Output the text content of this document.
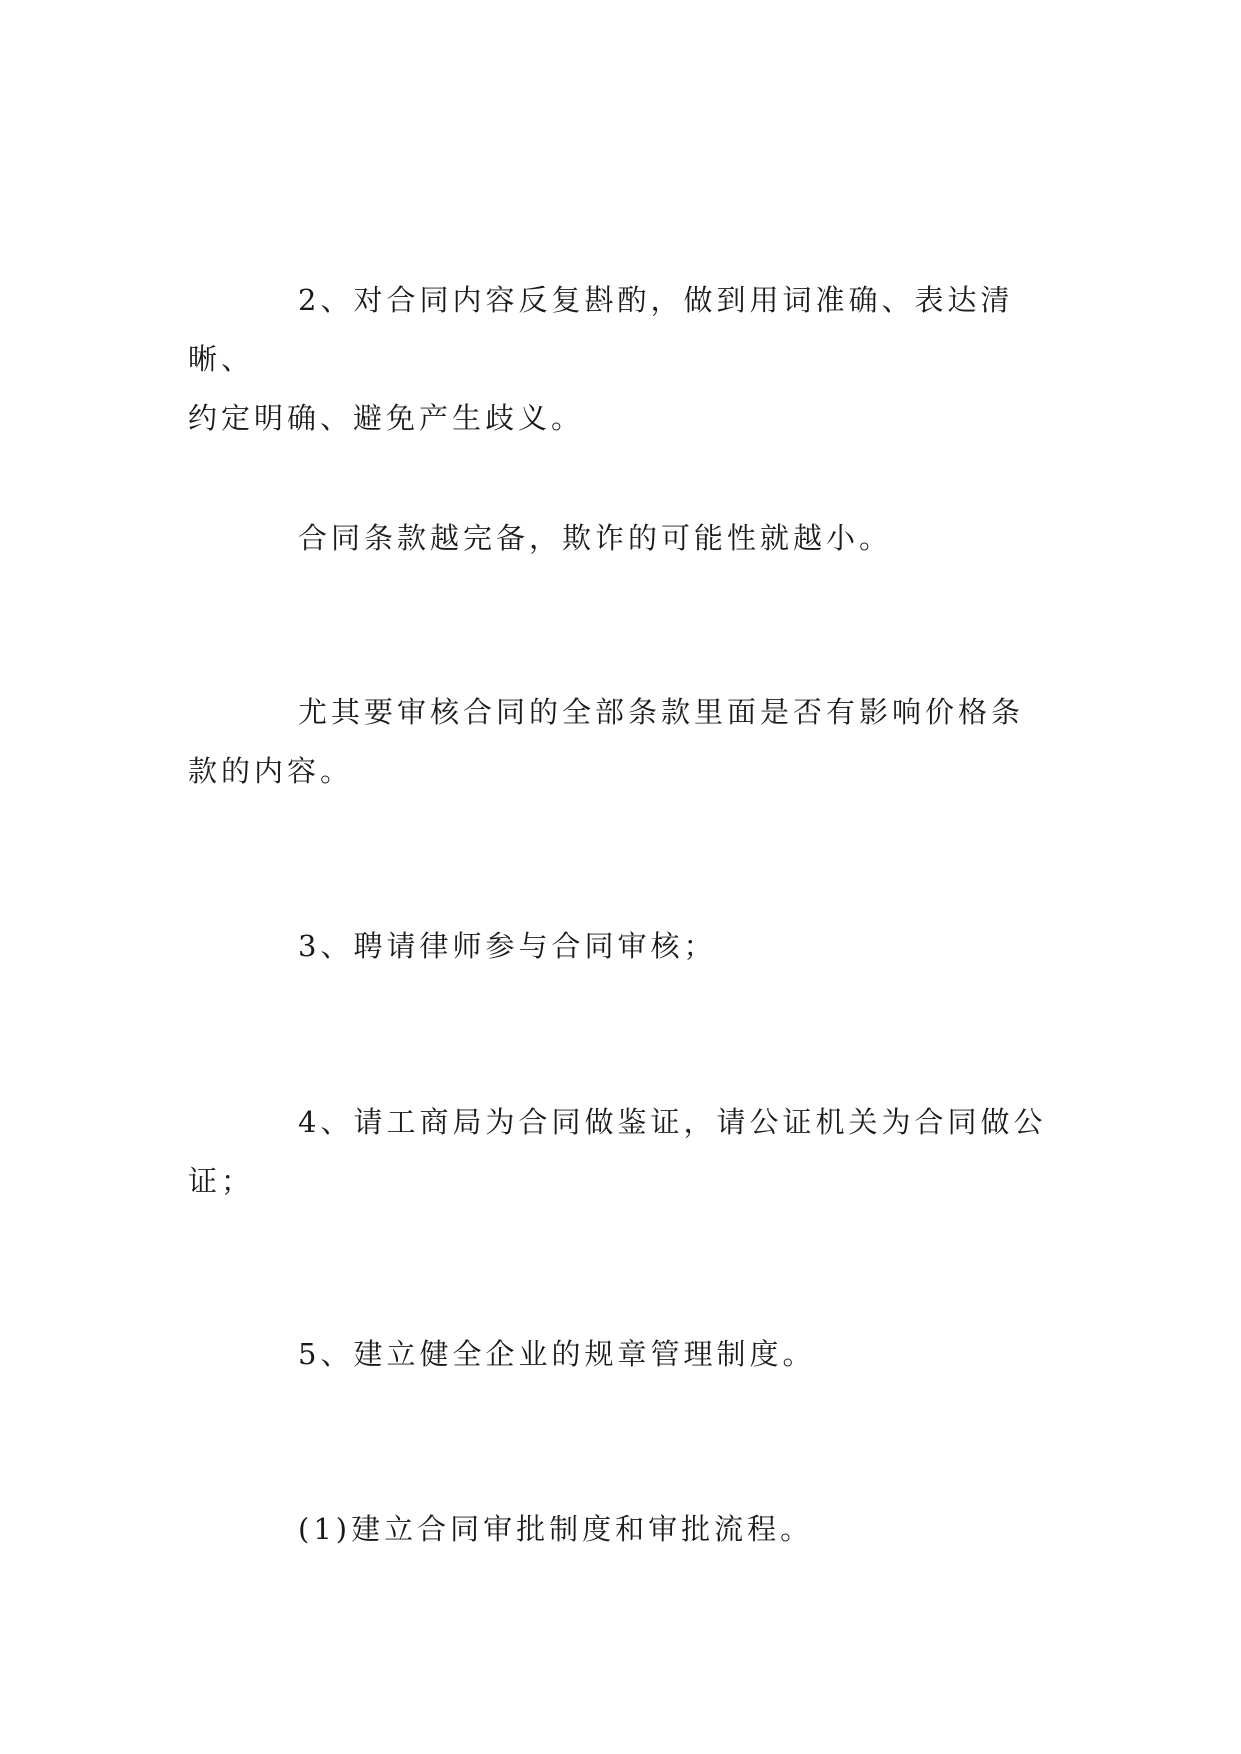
2、对合同内容反复斟酌，做到用词准确、表达清晰、
约定明确、避免产生歧义。
合同条款越完备，欺诈的可能性就越小。
尤其要审核合同的全部条款里面是否有影响价格条
款的内容。
3、聘请律师参与合同审核；
4、请工商局为合同做鉴证，请公证机关为合同做公
证；
5、建立健全企业的规章管理制度。
(1)建立合同审批制度和审批流程。
